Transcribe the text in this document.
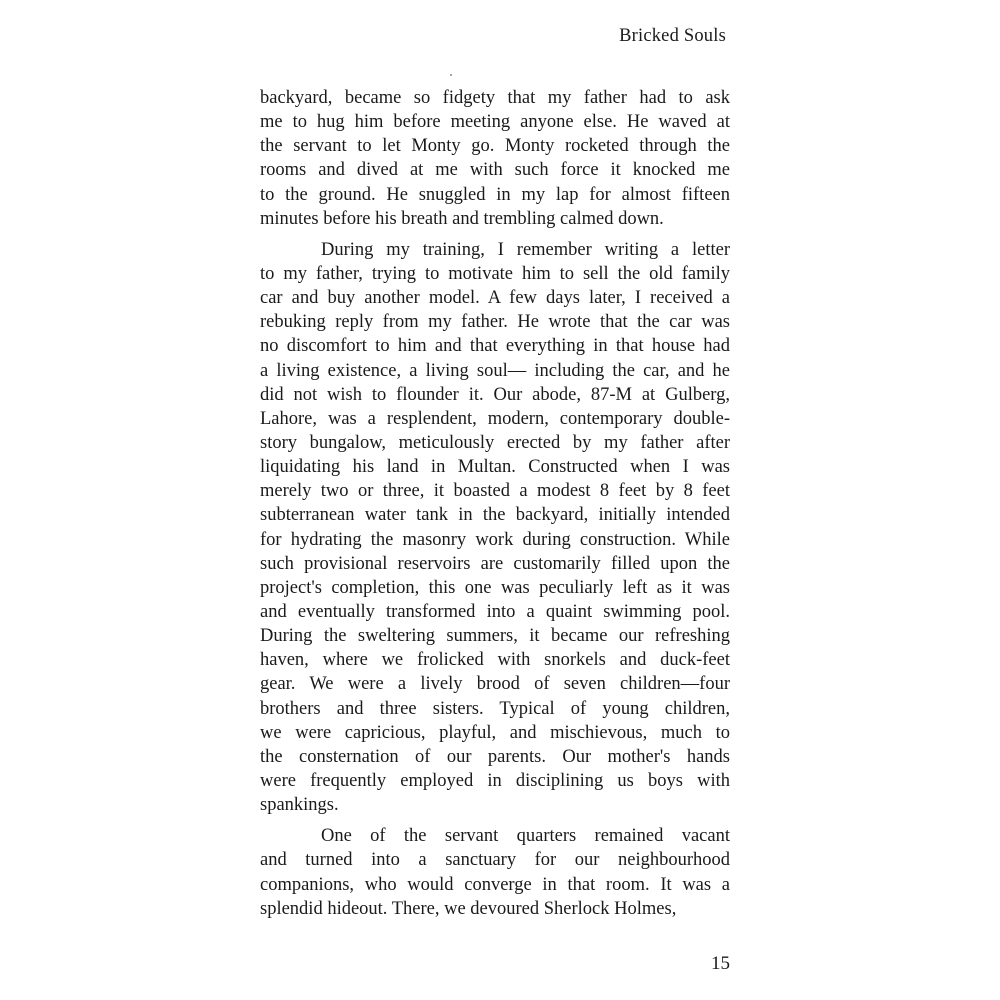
Bricked Souls

backyard, became so fidgety that my father had to ask
me to hug him before meeting anyone else. He waved at
the servant to let Monty go. Monty rocketed through the
rooms and dived at me with such force it knocked me
to the ground. He snuggled in my lap for almost fifteen
minutes before his breath and trembling calmed down.

During my training, I remember writing a letter
to my father, trying to motivate him to sell the old family
car and buy another model. A few days later, I received a
rebuking reply from my father. He wrote that the car was
no discomfort to him and that everything in that house had
a living existence, a living soul— including the car, and he
did not wish to flounder it. Our abode, 87-M at Gulberg,
Lahore, was a resplendent, modern, contemporary double-
story bungalow, meticulously erected by my father after
liquidating his land in Multan. Constructed when I was
merely two or three, it boasted a modest 8 feet by 8 feet
subterranean water tank in the backyard, initially intended
for hydrating the masonry work during construction. While
such provisional reservoirs are customarily filled upon the
project's completion, this one was peculiarly left as it was
and eventually transformed into a quaint swimming pool.
During the sweltering summers, it became our refreshing
haven, where we frolicked with snorkels and duck-feet
gear. We were a lively brood of seven children—four
brothers and three sisters. Typical of young children,
we were capricious, playful, and mischievous, much to
the consternation of our parents. Our mother's hands
were frequently employed in disciplining us boys with
spankings.

One of the servant quarters remained vacant
and turned into a sanctuary for our neighbourhood
companions, who would converge in that room. It was a
splendid hideout. There, we devoured Sherlock Holmes,

15
